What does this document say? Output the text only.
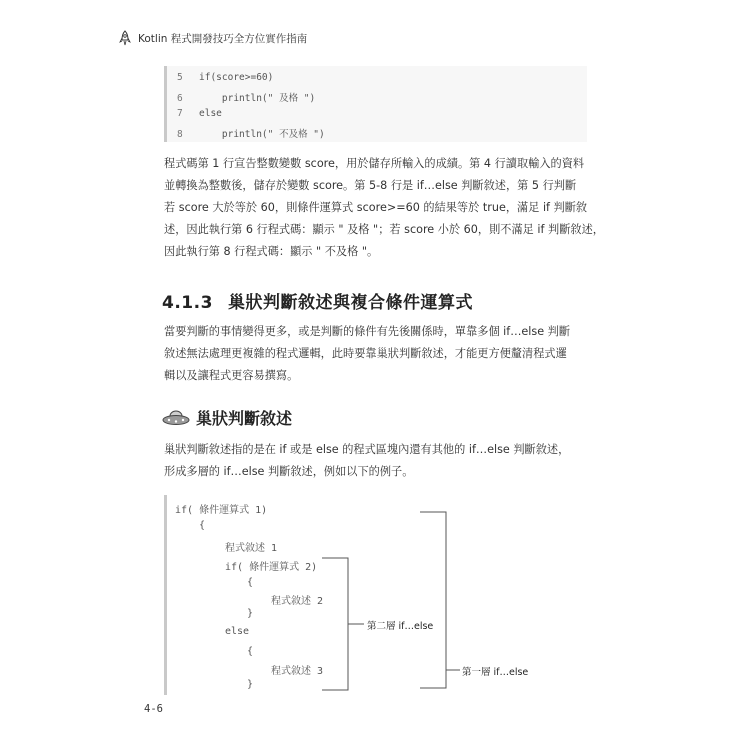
Kotlin 程式開發技巧全方位實作指南
5 if(score>=60)
6    println(" 及格 ")
7 else
8    println(" 不及格 ")
程式碼第 1 行宣告整數變數 score，用於儲存所輸入的成績。第 4 行讀取輸入的資料
並轉換為整數後，儲存於變數 score。第 5-8 行是 if…else 判斷敘述，第 5 行判斷
若 score 大於等於 60，則條件運算式 score>=60 的結果等於 true，滿足 if 判斷敘
述，因此執行第 6 行程式碼：顯示 " 及格 "；若 score 小於 60，則不滿足 if 判斷敘述，
因此執行第 8 行程式碼：顯示 " 不及格 "。
4.1.3 巢狀判斷敘述與複合條件運算式
當要判斷的事情變得更多，或是判斷的條件有先後關係時，單靠多個 if…else 判斷
敘述無法處理更複雜的程式邏輯，此時要靠巢狀判斷敘述，才能更方便釐清程式邏
輯以及讓程式更容易撰寫。
巢狀判斷敘述
巢狀判斷敘述指的是在 if 或是 else 的程式區塊內還有其他的 if…else 判斷敘述，
形成多層的 if…else 判斷敘述，例如以下的例子。
if( 條件運算式 1)
{
程式敘述 1
if( 條件運算式 2)
{
程式敘述 2
}
else
{
程式敘述 3
}
第二層 if…else
第一層 if…else
4-6
